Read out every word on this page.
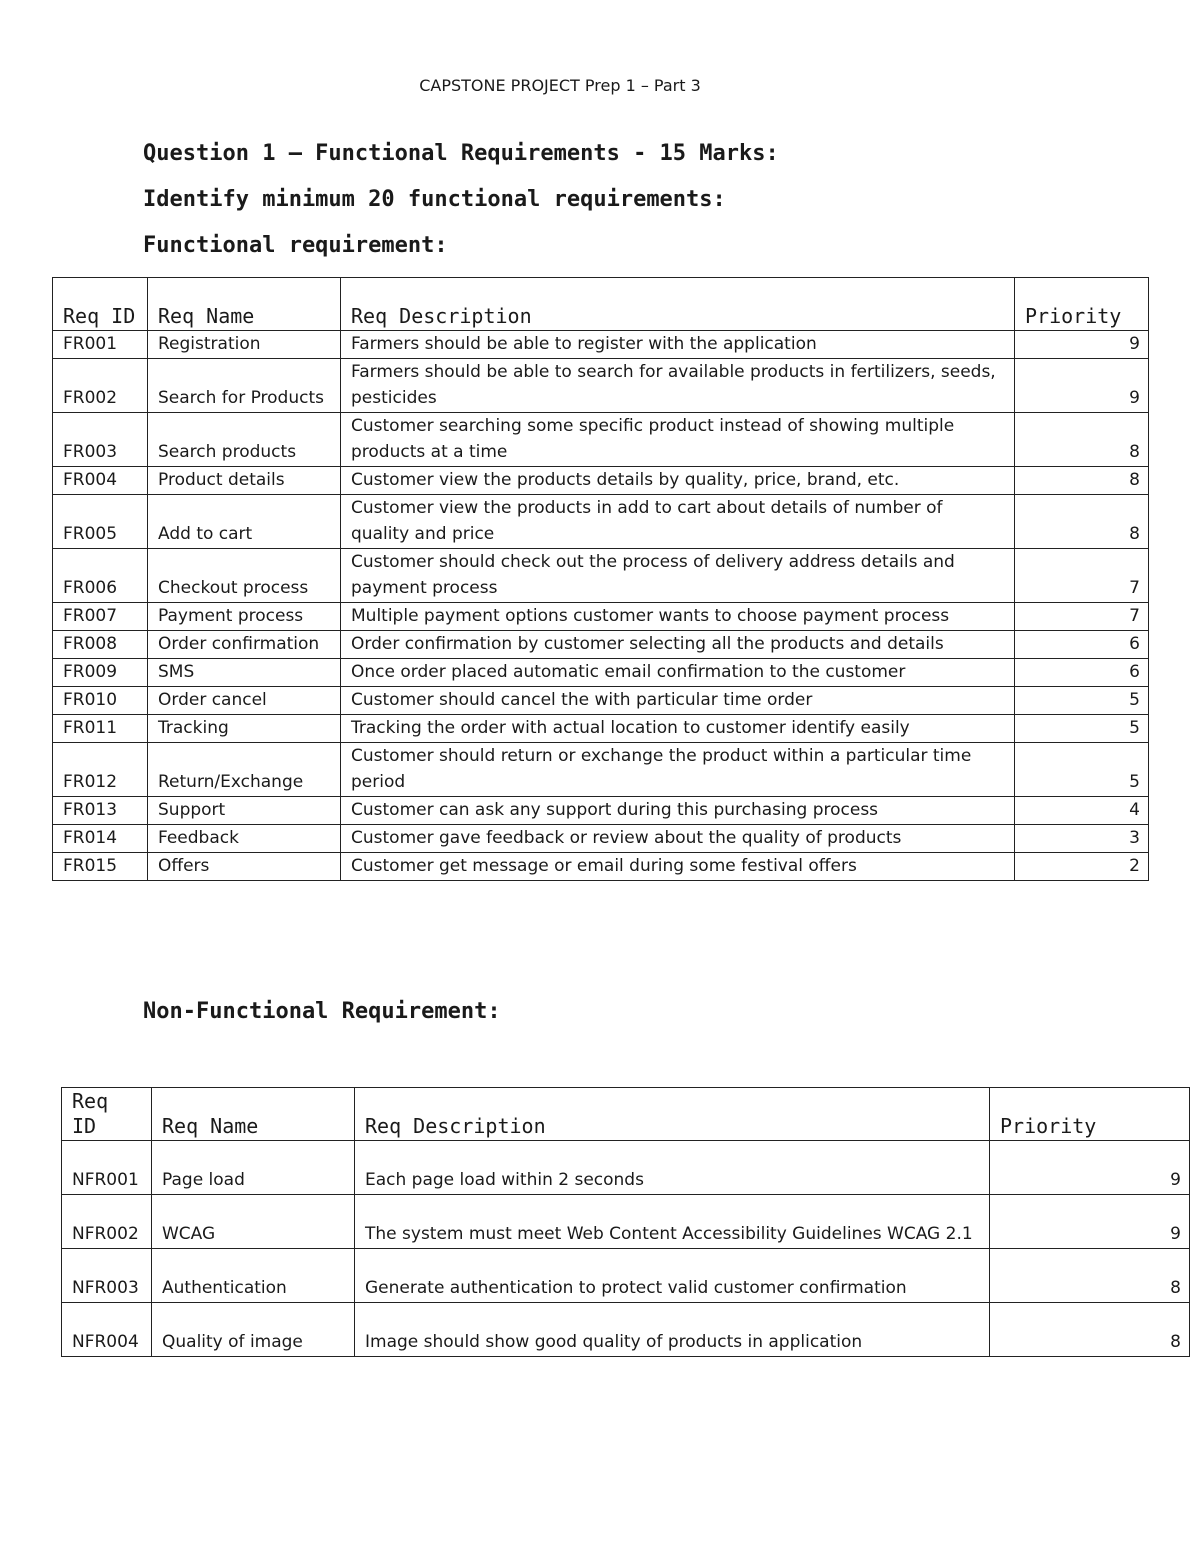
CAPSTONE PROJECT Prep 1 – Part 3
Question 1 – Functional Requirements - 15 Marks:
Identify minimum 20 functional requirements:
Functional requirement:
Req ID	Req Name	Req Description	Priority
FR001	Registration	Farmers should be able to register with the application	9
FR002	Search for Products	Farmers should be able to search for available products in fertilizers, seeds, pesticides	9
FR003	Search products	Customer searching some specific product instead of showing multiple products at a time	8
FR004	Product details	Customer view the products details by quality, price, brand, etc.	8
FR005	Add to cart	Customer view the products in add to cart about details of number of quality and price	8
FR006	Checkout process	Customer should check out the process of delivery address details and payment process	7
FR007	Payment process	Multiple payment options customer wants to choose payment process	7
FR008	Order confirmation	Order confirmation by customer selecting all the products and details	6
FR009	SMS	Once order placed automatic email confirmation to the customer	6
FR010	Order cancel	Customer should cancel the with particular time order	5
FR011	Tracking	Tracking the order with actual location to customer identify easily	5
FR012	Return/Exchange	Customer should return or exchange the product within a particular time period	5
FR013	Support	Customer can ask any support during this purchasing process	4
FR014	Feedback	Customer gave feedback or review about the quality of products	3
FR015	Offers	Customer get message or email during some festival offers	2
Non-Functional Requirement:
Req ID	Req Name	Req Description	Priority
NFR001	Page load	Each page load within 2 seconds	9
NFR002	WCAG	The system must meet Web Content Accessibility Guidelines WCAG 2.1	9
NFR003	Authentication	Generate authentication to protect valid customer confirmation	8
NFR004	Quality of image	Image should show good quality of products in application	8
